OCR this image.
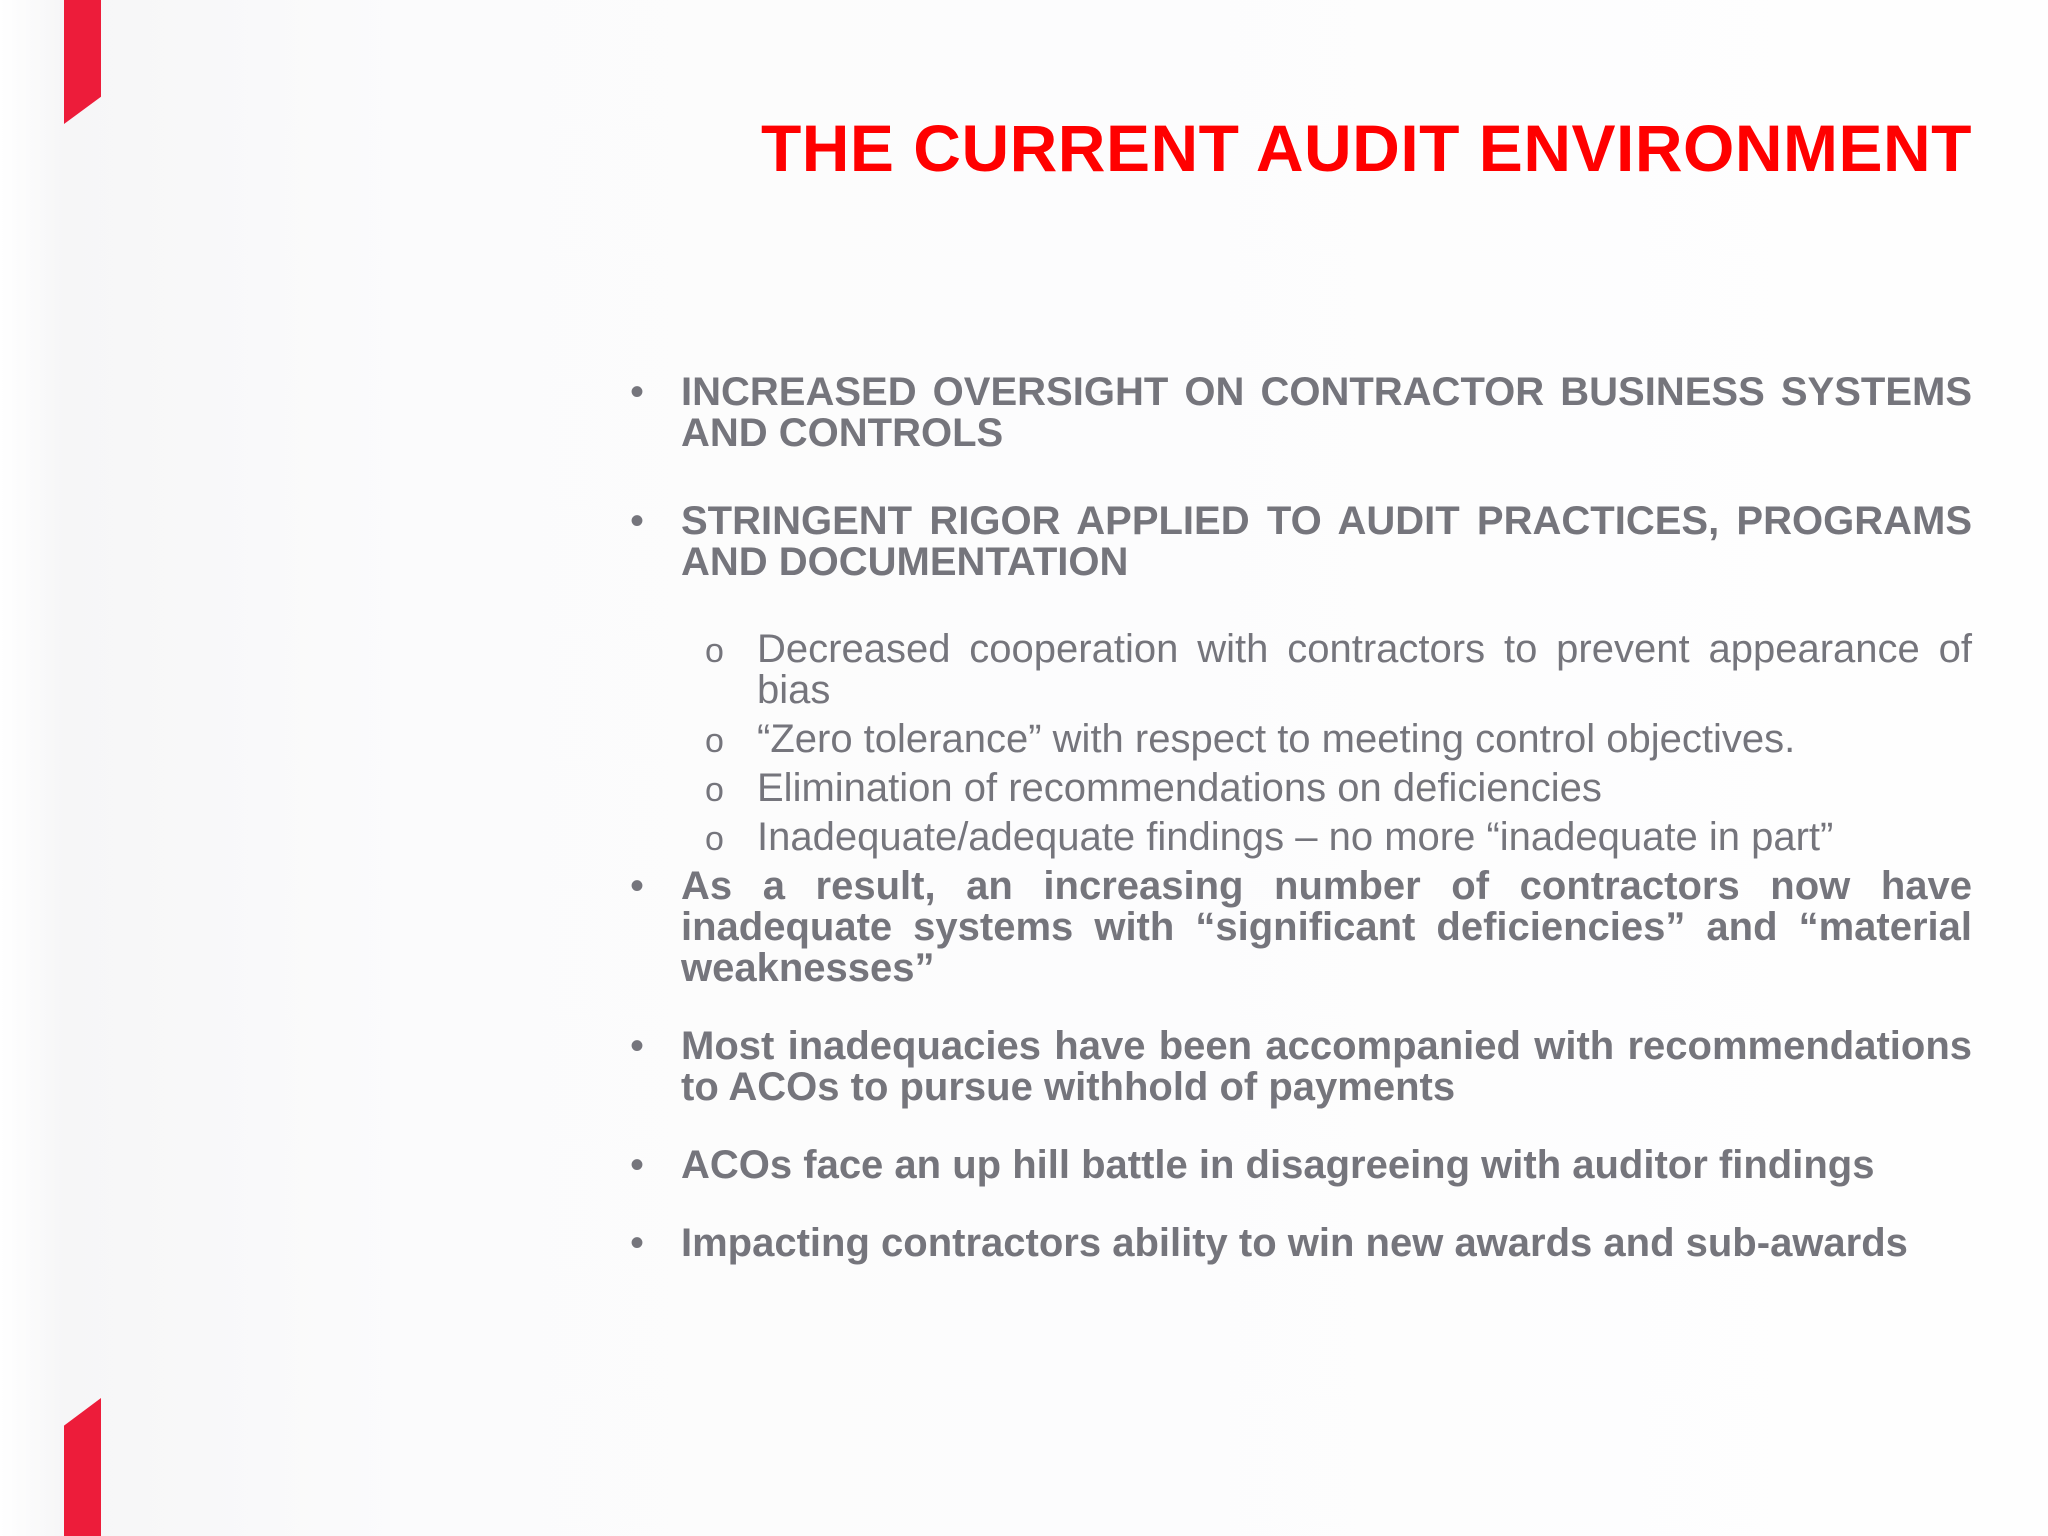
THE CURRENT AUDIT ENVIRONMENT
• INCREASED OVERSIGHT ON CONTRACTOR BUSINESS SYSTEMS AND CONTROLS
• STRINGENT RIGOR APPLIED TO AUDIT PRACTICES, PROGRAMS AND DOCUMENTATION
o Decreased cooperation with contractors to prevent appearance of bias
o “Zero tolerance” with respect to meeting control objectives.
o Elimination of recommendations on deficiencies
o Inadequate/adequate findings – no more “inadequate in part”
• As a result, an increasing number of contractors now have inadequate systems with “significant deficiencies” and “material weaknesses”
• Most inadequacies have been accompanied with recommendations to ACOs to pursue withhold of payments
• ACOs face an up hill battle in disagreeing with auditor findings
• Impacting contractors ability to win new awards and sub-awards
